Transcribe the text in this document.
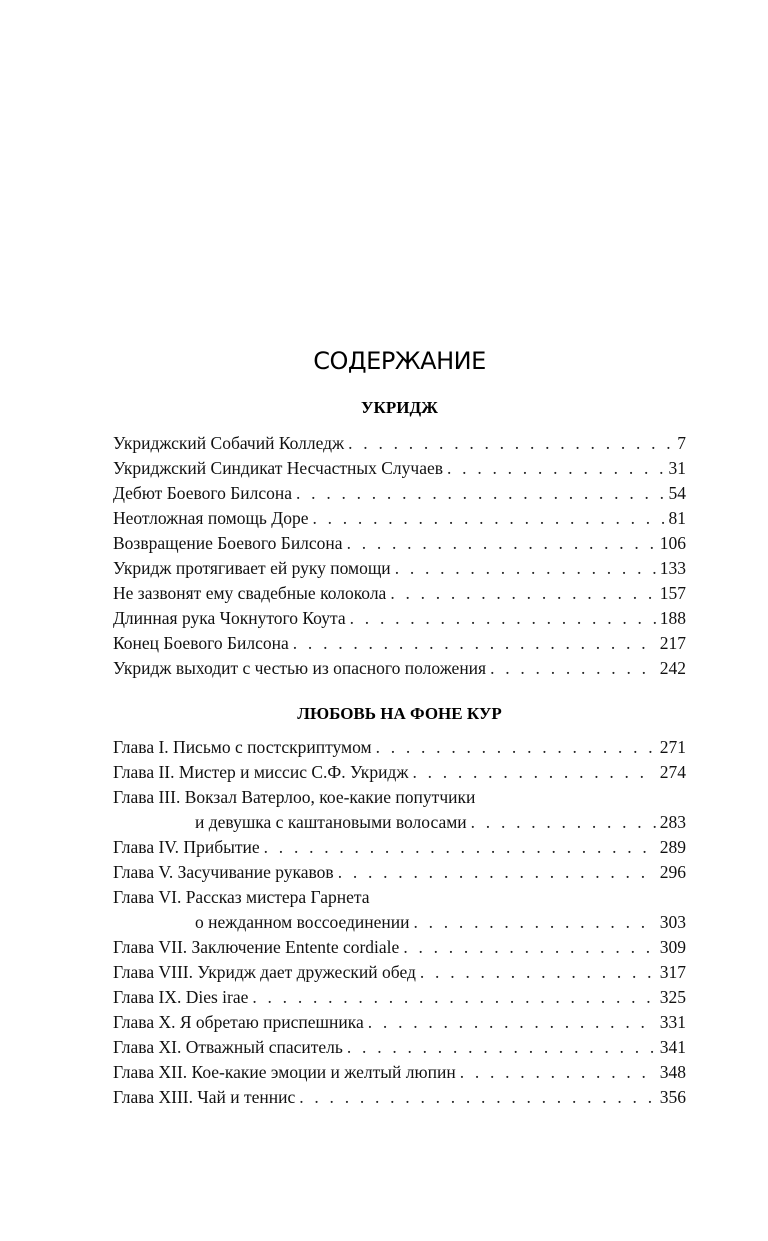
СОДЕРЖАНИЕ
УКРИДЖ
Укриджский Собачий Колледж . . .	7
Укриджский Синдикат Несчастных Случаев . . .	31
Дебют Боевого Билсона . . .	54
Неотложная помощь Доре . . .	81
Возвращение Боевого Билсона . . .	106
Укридж протягивает ей руку помощи . . .	133
Не зазвонят ему свадебные колокола . . .	157
Длинная рука Чокнутого Коута . . .	188
Конец Боевого Билсона . . .	217
Укридж выходит с честью из опасного положения . . .	242
ЛЮБОВЬ НА ФОНЕ КУР
Глава I. Письмо с постскриптумом . . .	271
Глава II. Мистер и миссис С.Ф. Укридж . . .	274
Глава III. Вокзал Ватерлоо, кое-какие попутчики
и девушка с каштановыми волосами . . .	283
Глава IV. Прибытие . . .	289
Глава V. Засучивание рукавов . . .	296
Глава VI. Рассказ мистера Гарнета
о нежданном воссоединении . . .	303
Глава VII. Заключение Entente cordiale . . .	309
Глава VIII. Укридж дает дружеский обед . . .	317
Глава IX. Dies irae . . .	325
Глава X. Я обретаю приспешника . . .	331
Глава XI. Отважный спаситель . . .	341
Глава XII. Кое-какие эмоции и желтый люпин . . .	348
Глава XIII. Чай и теннис . . .	356
